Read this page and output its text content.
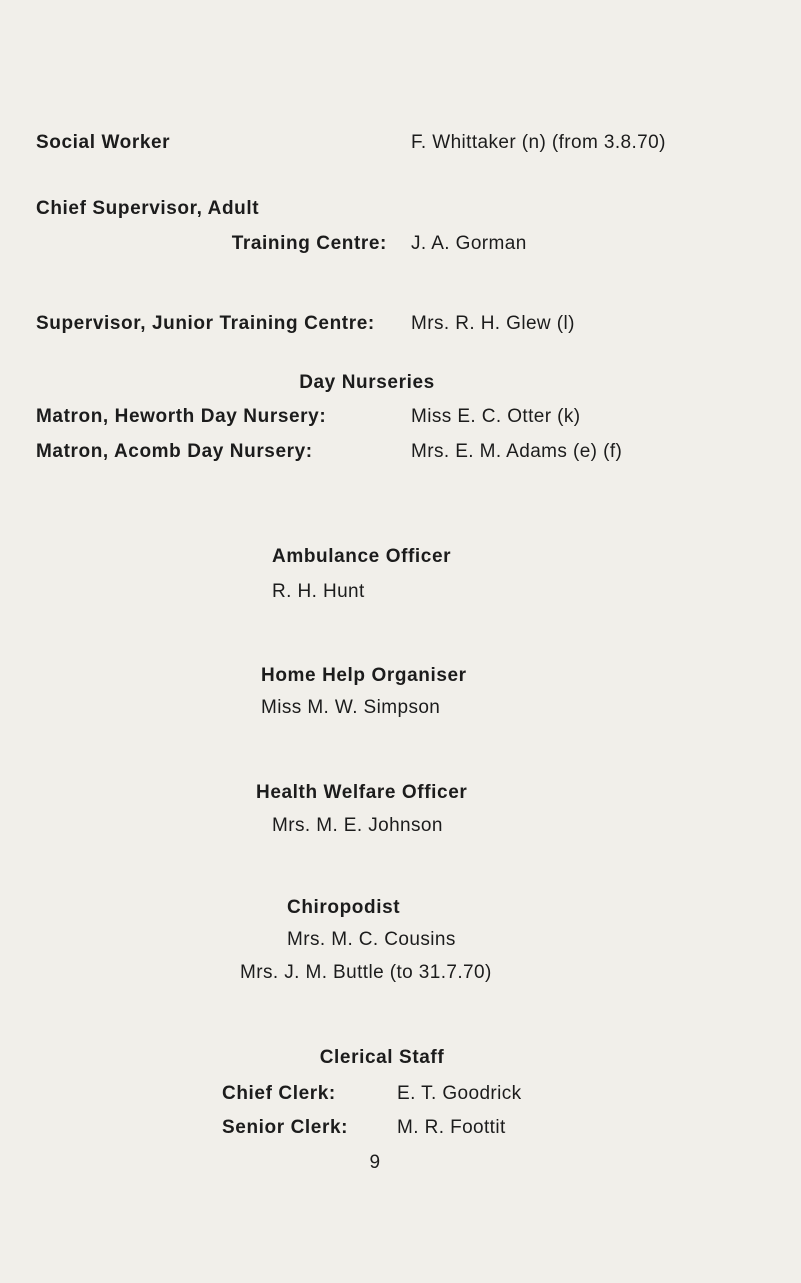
Social Worker	F. Whittaker (n) (from 3.8.70)
Chief Supervisor, Adult
Training Centre: J. A. Gorman
Supervisor, Junior Training Centre: Mrs. R. H. Glew (l)
Day Nurseries
Matron, Heworth Day Nursery:	Miss E. C. Otter (k)
Matron, Acomb Day Nursery:	Mrs. E. M. Adams (e) (f)
Ambulance Officer
R. H. Hunt
Home Help Organiser
Miss M. W. Simpson
Health Welfare Officer
Mrs. M. E. Johnson
Chiropodist
Mrs. M. C. Cousins
Mrs. J. M. Buttle (to 31.7.70)
Clerical Staff
Chief Clerk:	E. T. Goodrick
Senior Clerk:	M. R. Foottit
9
